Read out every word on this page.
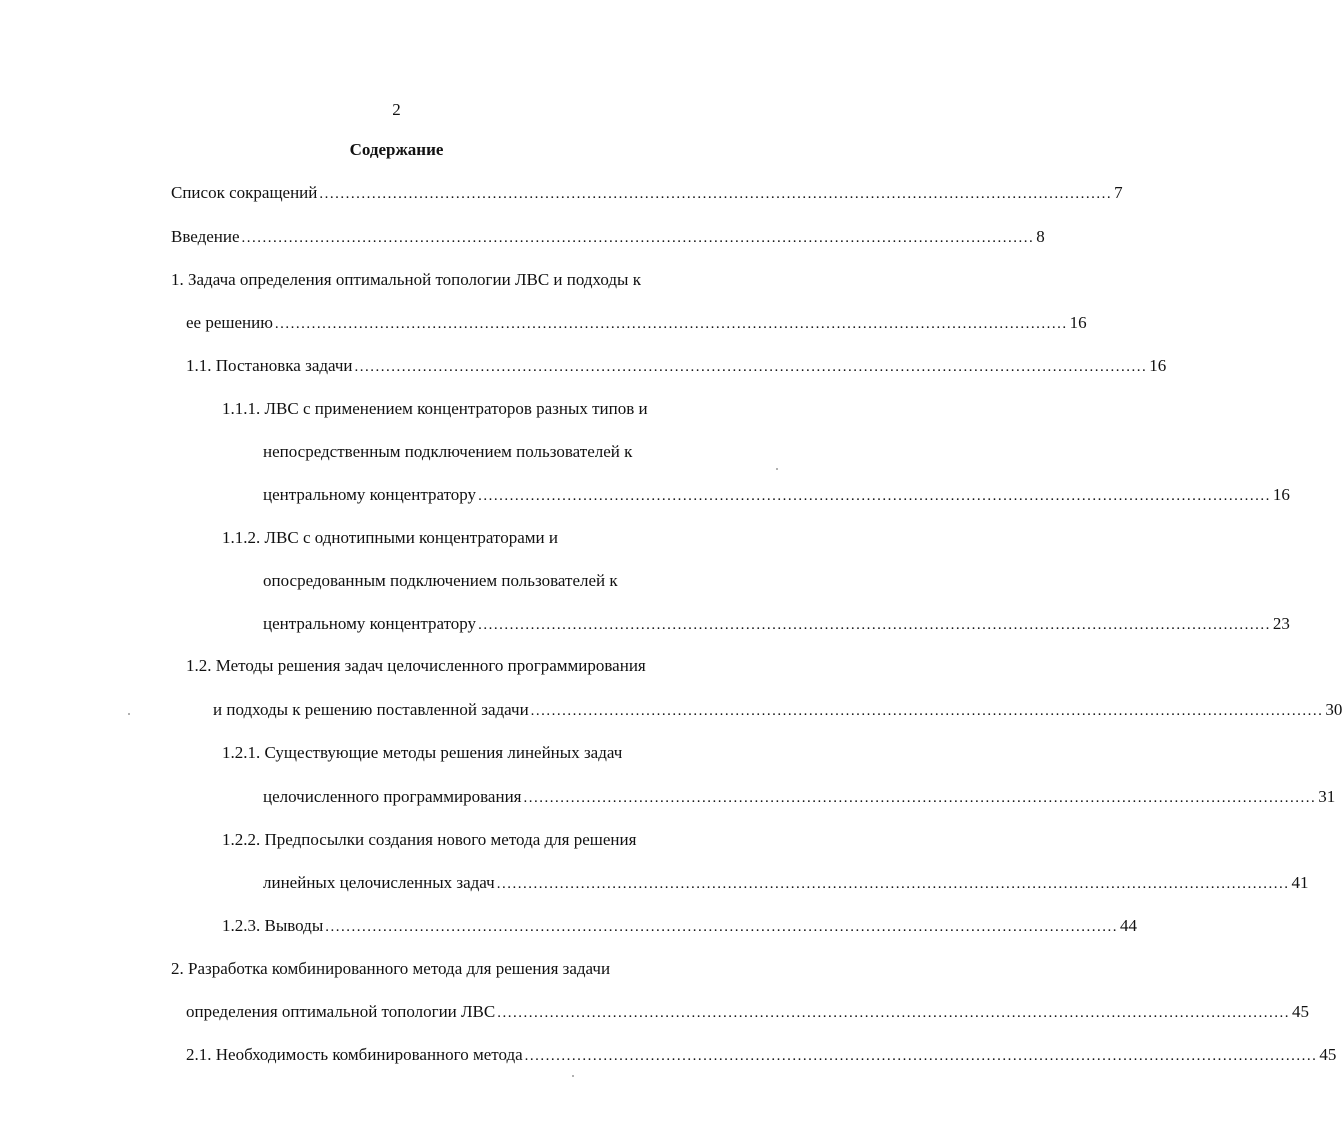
2
Содержание
Список сокращений ....................................................................................................................................................... 7
Введение ....................................................................................................................................................... 8
1. Задача определения оптимальной топологии ЛВС и подходы к
ее решению ....................................................................................................................................................... 16
1.1. Постановка задачи ....................................................................................................................................................... 16
1.1.1. ЛВС с применением концентраторов разных типов и
непосредственным подключением пользователей к
центральному концентратору ....................................................................................................................................................... 16
1.1.2. ЛВС с однотипными концентраторами и
опосредованным подключением пользователей к
центральному концентратору ....................................................................................................................................................... 23
1.2. Методы решения задач целочисленного программирования
и подходы к решению поставленной задачи ....................................................................................................................................................... 30
1.2.1. Существующие методы решения линейных задач
целочисленного программирования ....................................................................................................................................................... 31
1.2.2. Предпосылки создания нового метода для решения
линейных целочисленных задач ....................................................................................................................................................... 41
1.2.3. Выводы ....................................................................................................................................................... 44
2. Разработка комбинированного метода для решения задачи
определения оптимальной топологии ЛВС ....................................................................................................................................................... 45
2.1. Необходимость комбинированного метода ....................................................................................................................................................... 45
